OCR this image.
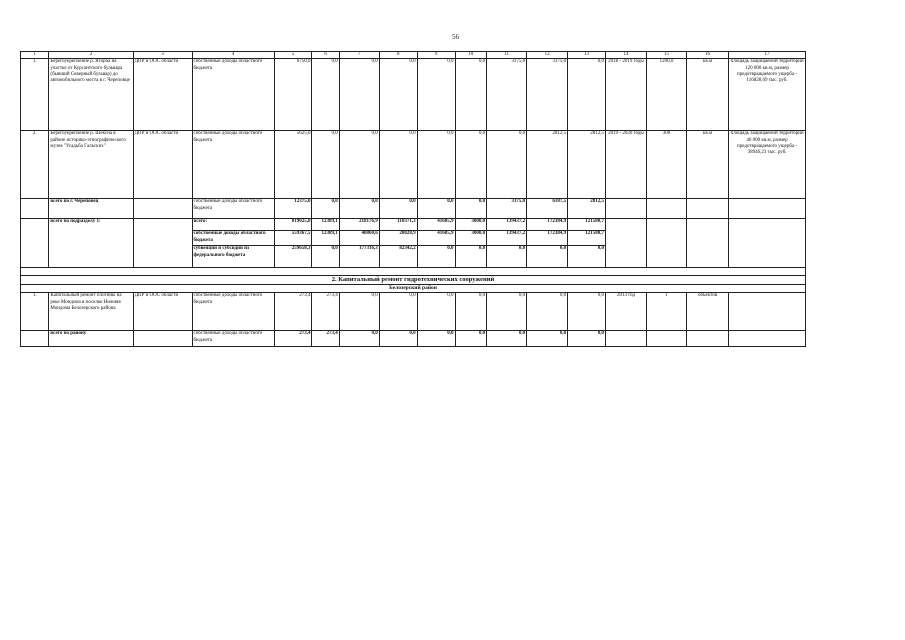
56
1	2	3	4	5	6	7	8	9	10	11	12	13	14	15	16	17
1.	Берегоукрепление р. Ягорба на участке от Курсантского бульвара (бывший Северный бульвар) до автомобильного моста в г. Череповце	ДПР и ООС области	собственные доходы областного бюджета	6750,0	0,0	0,0	0,0	0,0	0,0	3375,0	3375,0	0,0	2018 - 2019 годы	1200,0	кв.м	площадь защищаемой территории 120 000 кв.м, размер предотвращаемого ущерба - 116828,69 тыс. руб.
2.	Берегоукрепление р. Шексна в районе историко-этнографического музея "Усадьба Гальских"	ДПР и ООС области	собственные доходы областного бюджета	5625,0	0,0	0,0	0,0	0,0	0,0	0,0	2812,5	2812,5	2019 - 2020 годы	300	кв.м	площадь защищаемой территории 40 000 кв.м, размер предотвращаемого ущерба - 38946,23 тыс. руб.
	всего по г. Череповец		собственные доходы областного бюджета	12375,0	0,0	0,0	0,0	0,0	0,0	3375,0	6187,5	2812,5				
	всего по подразделу 1:		всего:	819025,8	12389,1	218176,9	110371,3	41685,9	3000,0	139437,2	172384,9	121580,7				
			собственные доходы областного бюджета	559367,5	12389,1	40860,6	28028,9	41685,9	3000,0	139437,2	172384,9	121580,7				
			субвенции и субсидии из федерального бюджета	259658,3	0,0	177316,3	82342,2	0,0	0,0	0,0	0,0	0,0				

2. Капитальный ремонт гидротехнических сооружений																
Белозерский район																
1.	Капитальный ремонт плотины на реке Мондома в поселке Нижняя Мондома Белозерского района	ДПР и ООС области	собственные доходы областного бюджета	273,4	273,4	0,0	0,0	0,0	0,0	0,0	0,0	0,0	2013 год	1	объектов	
	всего по району		собственные доходы областного бюджета	273,4	273,4	0,0	0,0	0,0	0,0	0,0	0,0	0,0				
